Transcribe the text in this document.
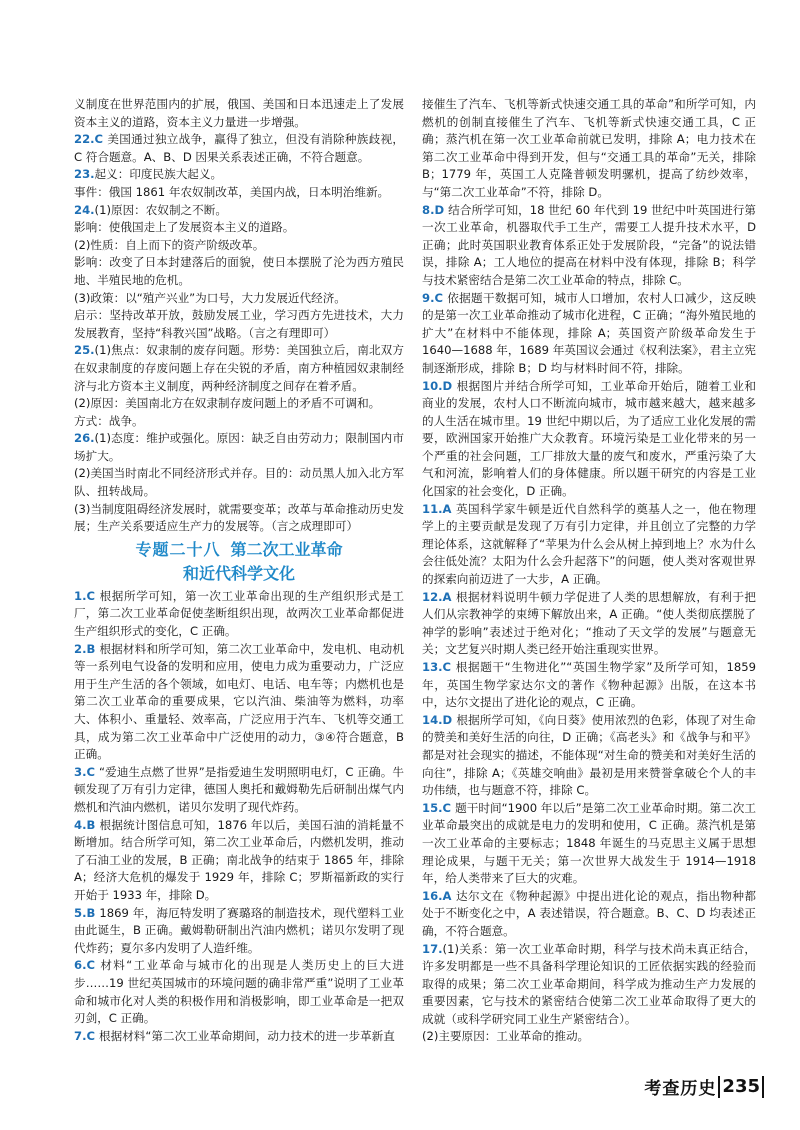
义制度在世界范围内的扩展，俄国、美国和日本迅速走上了发展资本主义的道路，资本主义力量进一步增强。

22.C 美国通过独立战争，赢得了独立，但没有消除种族歧视，C 符合题意。A、B、D 因果关系表述正确，不符合题意。

23.起义：印度民族大起义。

事件：俄国 1861 年农奴制改革，美国内战，日本明治维新。

24.(1)原因：农奴制之不断。

影响：使俄国走上了发展资本主义的道路。

(2)性质：自上而下的资产阶级改革。

影响：改变了日本封建落后的面貌，使日本摆脱了沦为西方殖民地、半殖民地的危机。

(3)政策：以“殖产兴业”为口号，大力发展近代经济。

启示：坚持改革开放，鼓励发展工业，学习西方先进技术，大力发展教育，坚持“科教兴国”战略。（言之有理即可）

25.(1)焦点：奴隶制的废存问题。形势：美国独立后，南北双方在奴隶制度的存废问题上存在尖锐的矛盾，南方种植园奴隶制经济与北方资本主义制度，两种经济制度之间存在着矛盾。

(2)原因：美国南北方在奴隶制存废问题上的矛盾不可调和。

方式：战争。

26.(1)态度：维护或强化。原因：缺乏自由劳动力；限制国内市场扩大。

(2)美国当时南北不同经济形式并存。目的：动员黑人加入北方军队、扭转战局。

(3)当制度阻碍经济发展时，就需要变革；改革与革命推动历史发展；生产关系要适应生产力的发展等。（言之成理即可）

专题二十八 第二次工业革命
和近代科学文化

1.C 根据所学可知，第一次工业革命出现的生产组织形式是工厂，第二次工业革命促使垄断组织出现，故两次工业革命都促进生产组织形式的变化，C 正确。

2.B 根据材料和所学可知，第二次工业革命中，发电机、电动机等一系列电气设备的发明和应用，使电力成为重要动力，广泛应用于生产生活的各个领域，如电灯、电话、电车等；内燃机也是第二次工业革命的重要成果，它以汽油、柴油等为燃料，功率大、体积小、重量轻、效率高，广泛应用于汽车、飞机等交通工具，成为第二次工业革命中广泛使用的动力，③④符合题意，B 正确。

3.C “爱迪生点燃了世界”是指爱迪生发明照明电灯，C 正确。牛顿发现了万有引力定律，德国人奥托和戴姆勒先后研制出煤气内燃机和汽油内燃机，诺贝尔发明了现代炸药。

4.B 根据统计图信息可知，1876 年以后，美国石油的消耗量不断增加。结合所学可知，第二次工业革命后，内燃机发明，推动了石油工业的发展，B 正确；南北战争的结束于 1865 年，排除 A；经济大危机的爆发于 1929 年，排除 C；罗斯福新政的实行开始于 1933 年，排除 D。

5.B 1869 年，海厄特发明了赛璐珞的制造技术，现代塑料工业由此诞生，B 正确。戴姆勒研制出汽油内燃机；诺贝尔发明了现代炸药；夏尔多内发明了人造纤维。

6.C 材料“工业革命与城市化的出现是人类历史上的巨大进步……19 世纪英国城市的环境问题的确非常严重”说明了工业革命和城市化对人类的积极作用和消极影响，即工业革命是一把双刃剑，C 正确。

7.C 根据材料“第二次工业革命期间，动力技术的进一步革新直

接催生了汽车、飞机等新式快速交通工具的革命”和所学可知，内燃机的创制直接催生了汽车、飞机等新式快速交通工具，C 正确；蒸汽机在第一次工业革命前就已发明，排除 A；电力技术在第二次工业革命中得到开发，但与“交通工具的革命”无关，排除 B；1779 年，英国工人克隆普顿发明骡机，提高了纺纱效率，与“第二次工业革命”不符，排除 D。

8.D 结合所学可知，18 世纪 60 年代到 19 世纪中叶英国进行第一次工业革命，机器取代手工生产，需要工人提升技术水平，D 正确；此时英国职业教育体系正处于发展阶段，“完备”的说法错误，排除 A；工人地位的提高在材料中没有体现，排除 B；科学与技术紧密结合是第二次工业革命的特点，排除 C。

9.C 依据题干数据可知，城市人口增加，农村人口减少，这反映的是第一次工业革命推动了城市化进程，C 正确；“海外殖民地的扩大”在材料中不能体现，排除 A；英国资产阶级革命发生于 1640—1688 年，1689 年英国议会通过《权利法案》，君主立宪制逐渐形成，排除 B；D 均与材料时间不符，排除。

10.D 根据图片并结合所学可知，工业革命开始后，随着工业和商业的发展，农村人口不断流向城市，城市越来越大，越来越多的人生活在城市里。19 世纪中期以后，为了适应工业化发展的需要，欧洲国家开始推广大众教育。环境污染是工业化带来的另一个严重的社会问题，工厂排放大量的废气和废水，严重污染了大气和河流，影响着人们的身体健康。所以题干研究的内容是工业化国家的社会变化，D 正确。

11.A 英国科学家牛顿是近代自然科学的奠基人之一，他在物理学上的主要贡献是发现了万有引力定律，并且创立了完整的力学理论体系，这就解释了“苹果为什么会从树上掉到地上？水为什么会往低处流？太阳为什么会升起落下”的问题，使人类对客观世界的探索向前迈进了一大步，A 正确。

12.A 根据材料说明牛顿力学促进了人类的思想解放，有利于把人们从宗教神学的束缚下解放出来，A 正确。“使人类彻底摆脱了神学的影响”表述过于绝对化；“推动了天文学的发展”与题意无关；文艺复兴时期人类已经开始注重现实世界。

13.C 根据题干“生物进化”“英国生物学家”及所学可知，1859 年，英国生物学家达尔文的著作《物种起源》出版，在这本书中，达尔文提出了进化论的观点，C 正确。

14.D 根据所学可知，《向日葵》使用浓烈的色彩，体现了对生命的赞美和美好生活的向往，D 正确；《高老头》和《战争与和平》都是对社会现实的描述，不能体现“对生命的赞美和对美好生活的向往”，排除 A；《英雄交响曲》最初是用来赞誉拿破仑个人的丰功伟绩，也与题意不符，排除 C。

15.C 题干时间“1900 年以后”是第二次工业革命时期。第二次工业革命最突出的成就是电力的发明和使用，C 正确。蒸汽机是第一次工业革命的主要标志；1848 年诞生的马克思主义属于思想理论成果，与题干无关；第一次世界大战发生于 1914—1918 年，给人类带来了巨大的灾难。

16.A 达尔文在《物种起源》中提出进化论的观点，指出物种都处于不断变化之中，A 表述错误，符合题意。B、C、D 均表述正确，不符合题意。

17.(1)关系：第一次工业革命时期，科学与技术尚未真正结合，许多发明都是一些不具备科学理论知识的工匠依据实践的经验而取得的成果；第二次工业革命期间，科学成为推动生产力发展的重要因素，它与技术的紧密结合使第二次工业革命取得了更大的成就（或科学研究同工业生产紧密结合）。

(2)主要原因：工业革命的推动。

考查历史 235
